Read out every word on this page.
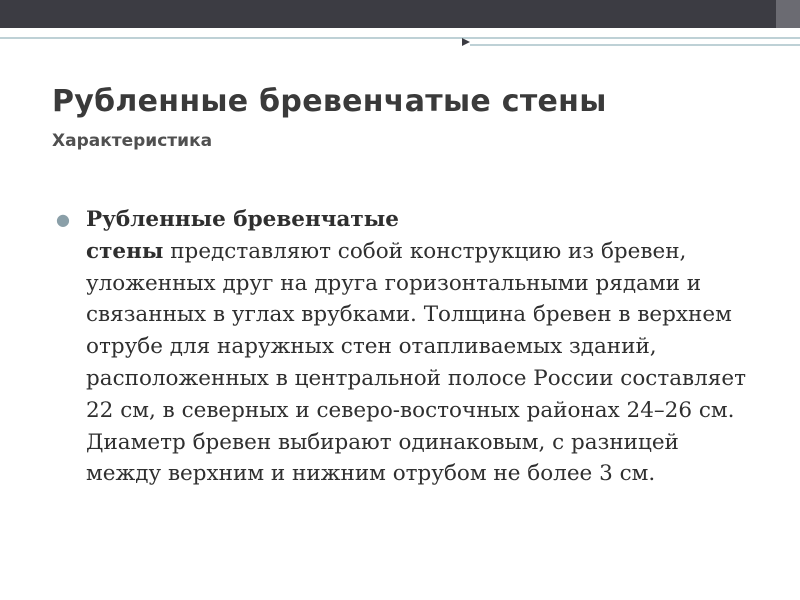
Рубленные бревенчатые стены
Характеристика
● Рубленные бревенчатые
стены представляют собой конструкцию из бревен, уложенных друг на друга горизонтальными рядами и связанных в углах врубками. Толщина бревен в верхнем отрубе для наружных стен отапливаемых зданий, расположенных в центральной полосе России составляет 22 см, в северных и северо-восточных районах 24–26 см. Диаметр бревен выбирают одинаковым, с разницей между верхним и нижним отрубом не более 3 см.
